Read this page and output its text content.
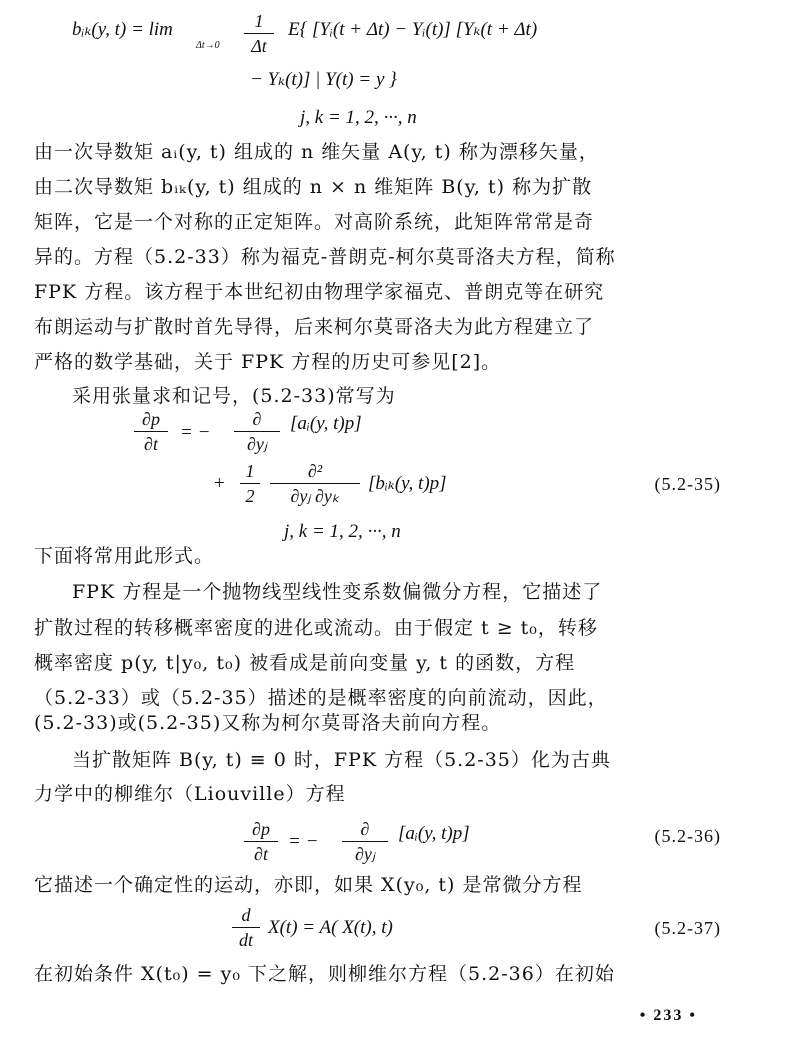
bᵢₖ(y, t) = lim
Δt→0
1
Δt
E{ [Yᵢ(t + Δt) − Yᵢ(t)] [Yₖ(t + Δt)
− Yₖ(t)] | Y(t) = y }
j, k = 1, 2, ···, n
由一次导数矩 aᵢ(y, t) 组成的 n 维矢量 A(y, t) 称为漂移矢量，
由二次导数矩 bᵢₖ(y, t) 组成的 n × n 维矩阵 B(y, t) 称为扩散
矩阵，它是一个对称的正定矩阵。对高阶系统，此矩阵常常是奇
异的。方程（5.2-33）称为福克-普朗克-柯尔莫哥洛夫方程，简称
FPK 方程。该方程于本世纪初由物理学家福克、普朗克等在研究
布朗运动与扩散时首先导得，后来柯尔莫哥洛夫为此方程建立了
严格的数学基础，关于 FPK 方程的历史可参见[2]。
采用张量求和记号，(5.2-33)常写为
∂p
∂t
= −
∂
∂yⱼ
[aᵢ(y, t)p]
+
1
2
∂²
∂yⱼ ∂yₖ
[bᵢₖ(y, t)p]	(5.2-35)
j, k = 1, 2, ···, n
下面将常用此形式。
FPK 方程是一个抛物线型线性变系数偏微分方程，它描述了
扩散过程的转移概率密度的进化或流动。由于假定 t ≥ t₀，转移
概率密度 p(y, t|y₀, t₀) 被看成是前向变量 y, t 的函数，方程
（5.2-33）或（5.2-35）描述的是概率密度的向前流动，因此，
(5.2-33)或(5.2-35)又称为柯尔莫哥洛夫前向方程。
当扩散矩阵 B(y, t) ≡ 0 时，FPK 方程（5.2-35）化为古典
力学中的柳维尔（Liouville）方程
∂p
∂t
= −
∂
∂yⱼ
[aᵢ(y, t)p]	(5.2-36)
它描述一个确定性的运动，亦即，如果 X(y₀, t) 是常微分方程
d
dt
X(t) = A( X(t), t)	(5.2-37)
在初始条件 X(t₀) = y₀ 下之解，则柳维尔方程（5.2-36）在初始
• 233 •
